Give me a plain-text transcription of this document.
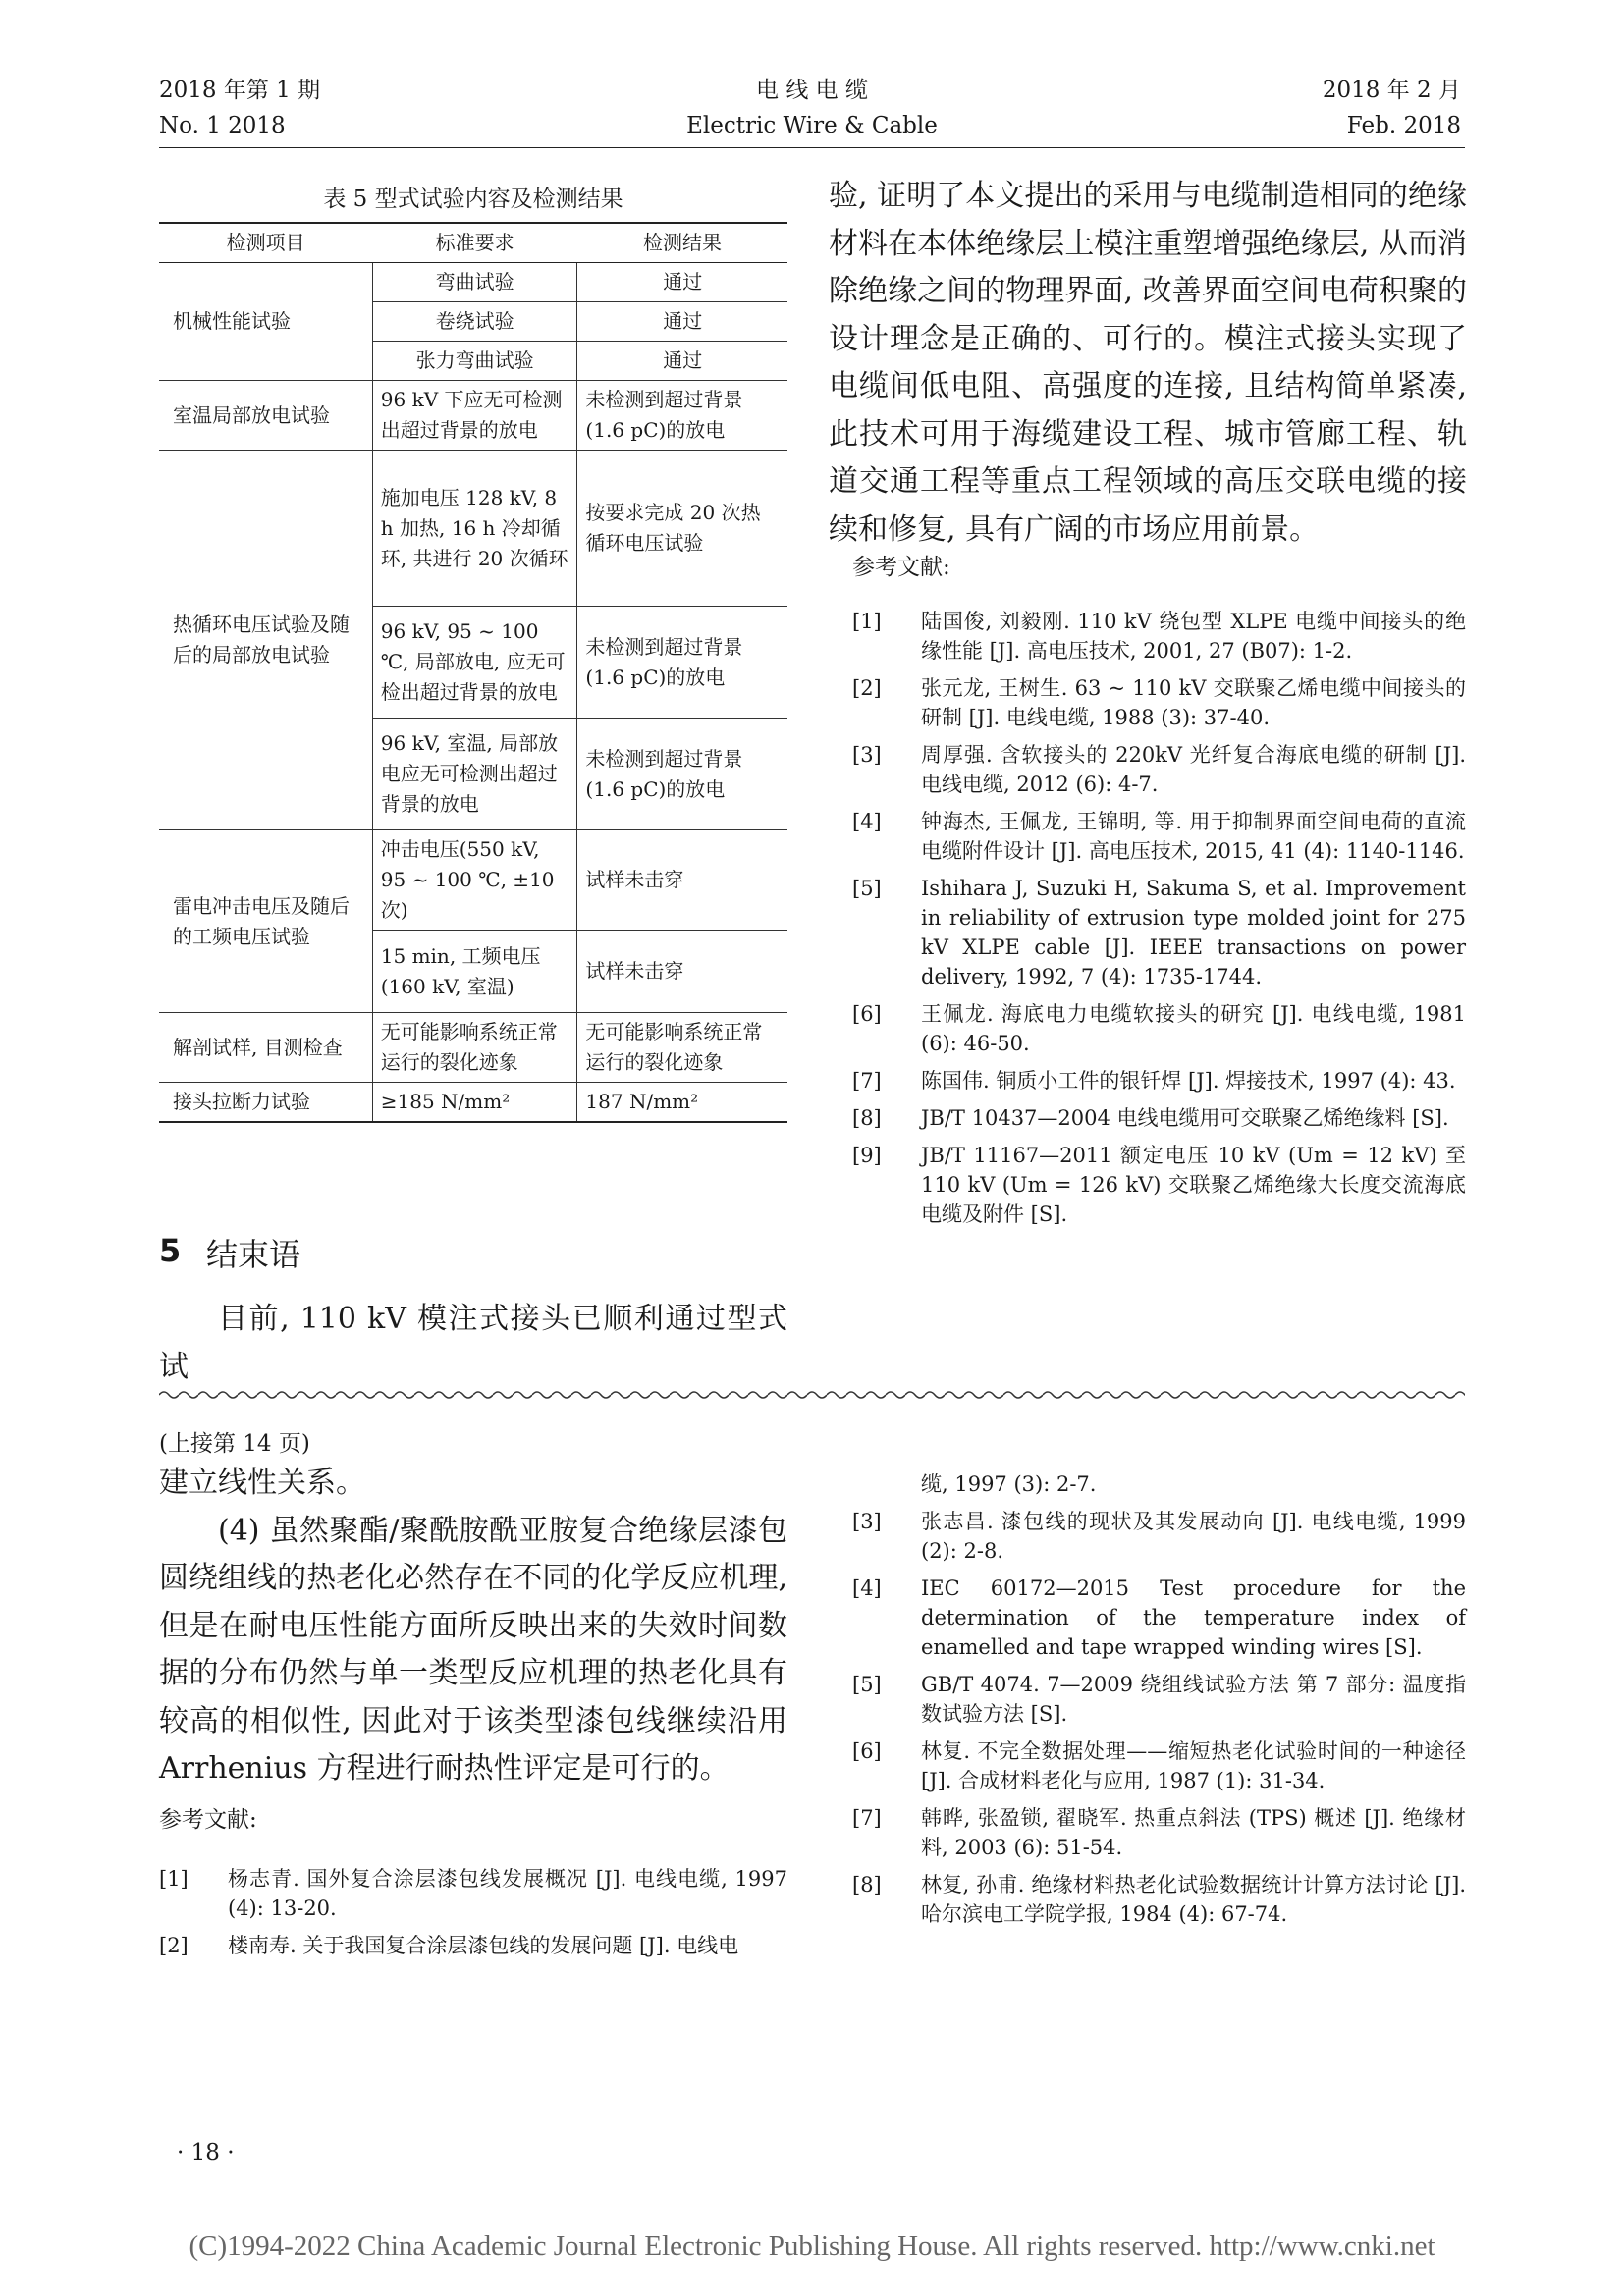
2018 年第 1 期
No. 1 2018
电 线 电 缆
Electric Wire & Cable
2018 年 2 月
Feb. 2018
表 5 型式试验内容及检测结果
检测项目	标准要求	检测结果
机械性能试验	弯曲试验	通过
	卷绕试验	通过
	张力弯曲试验	通过
室温局部放电试验	96 kV 下应无可检测出超过背景的放电	未检测到超过背景(1.6 pC)的放电
热循环电压试验及随后的局部放电试验	施加电压 128 kV, 8 h 加热, 16 h 冷却循环, 共进行 20 次循环	按要求完成 20 次热循环电压试验
	96 kV, 95 ~ 100 ℃, 局部放电, 应无可检出超过背景的放电	未检测到超过背景(1.6 pC)的放电
	96 kV, 室温, 局部放电应无可检测出超过背景的放电	未检测到超过背景(1.6 pC)的放电
雷电冲击电压及随后的工频电压试验	冲击电压(550 kV, 95 ~ 100 ℃, ±10 次)	试样未击穿
	15 min, 工频电压(160 kV, 室温)	试样未击穿
解剖试样, 目测检查	无可能影响系统正常运行的裂化迹象	无可能影响系统正常运行的裂化迹象
接头拉断力试验	≥185 N/mm²	187 N/mm²
验, 证明了本文提出的采用与电缆制造相同的绝缘材料在本体绝缘层上模注重塑增强绝缘层, 从而消除绝缘之间的物理界面, 改善界面空间电荷积聚的设计理念是正确的、可行的。模注式接头实现了电缆间低电阻、高强度的连接, 且结构简单紧凑, 此技术可用于海缆建设工程、城市管廊工程、轨道交通工程等重点工程领域的高压交联电缆的接续和修复, 具有广阔的市场应用前景。
参考文献:
[1] 陆国俊, 刘毅刚. 110 kV 绕包型 XLPE 电缆中间接头的绝缘性能 [J]. 高电压技术, 2001, 27 (B07): 1-2.
[2] 张元龙, 王树生. 63 ~ 110 kV 交联聚乙烯电缆中间接头的研制 [J]. 电线电缆, 1988 (3): 37-40.
[3] 周厚强. 含软接头的 220kV 光纤复合海底电缆的研制 [J]. 电线电缆, 2012 (6): 4-7.
[4] 钟海杰, 王佩龙, 王锦明, 等. 用于抑制界面空间电荷的直流电缆附件设计 [J]. 高电压技术, 2015, 41 (4): 1140-1146.
[5] Ishihara J, Suzuki H, Sakuma S, et al. Improvement in reliability of extrusion type molded joint for 275 kV XLPE cable [J]. IEEE transactions on power delivery, 1992, 7 (4): 1735-1744.
[6] 王佩龙. 海底电力电缆软接头的研究 [J]. 电线电缆, 1981 (6): 46-50.
[7] 陈国伟. 铜质小工件的银钎焊 [J]. 焊接技术, 1997 (4): 43.
[8] JB/T 10437—2004 电线电缆用可交联聚乙烯绝缘料 [S].
[9] JB/T 11167—2011 额定电压 10 kV (Um = 12 kV) 至 110 kV (Um = 126 kV) 交联聚乙烯绝缘大长度交流海底电缆及附件 [S].
5 结束语
目前, 110 kV 模注式接头已顺利通过型式试
(上接第 14 页)

建立线性关系。

(4) 虽然聚酯/聚酰胺酰亚胺复合绝缘层漆包圆绕组线的热老化必然存在不同的化学反应机理, 但是在耐电压性能方面所反映出来的失效时间数据的分布仍然与单一类型反应机理的热老化具有较高的相似性, 因此对于该类型漆包线继续沿用 Arrhenius 方程进行耐热性评定是可行的。

参考文献:
[1] 杨志青. 国外复合涂层漆包线发展概况 [J]. 电线电缆, 1997 (4): 13-20.
[2] 楼南寿. 关于我国复合涂层漆包线的发展问题 [J]. 电线电
缆, 1997 (3): 2-7.
[3] 张志昌. 漆包线的现状及其发展动向 [J]. 电线电缆, 1999 (2): 2-8.
[4] IEC 60172—2015 Test procedure for the determination of the temperature index of enamelled and tape wrapped winding wires [S].
[5] GB/T 4074. 7—2009 绕组线试验方法 第 7 部分: 温度指数试验方法 [S].
[6] 林复. 不完全数据处理——缩短热老化试验时间的一种途径 [J]. 合成材料老化与应用, 1987 (1): 31-34.
[7] 韩晔, 张盈锁, 翟晓军. 热重点斜法 (TPS) 概述 [J]. 绝缘材料, 2003 (6): 51-54.
[8] 林复, 孙甫. 绝缘材料热老化试验数据统计计算方法讨论 [J]. 哈尔滨电工学院学报, 1984 (4): 67-74.
· 18 ·
(C)1994-2022 China Academic Journal Electronic Publishing House. All rights reserved. http://www.cnki.net
